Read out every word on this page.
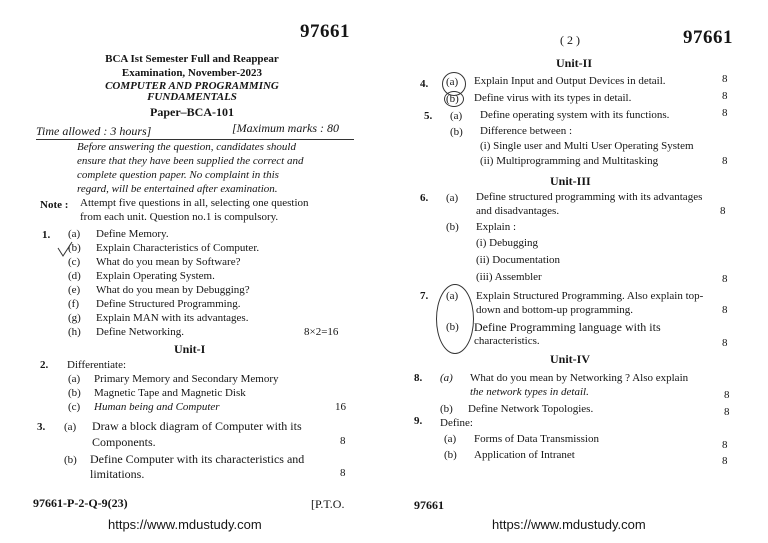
97661
BCA Ist Semester Full and Reappear
Examination, November-2023
COMPUTER AND PROGRAMMING
FUNDAMENTALS
Paper–BCA-101
Time allowed : 3 hours]	[Maximum marks : 80
Before answering the question, candidates should
ensure that they have been supplied the correct and
complete question paper. No complaint in this
regard, will be entertained after examination.
Note : Attempt five questions in all, selecting one question
from each unit. Question no.1 is compulsory.
1. (a) Define Memory.
(b) Explain Characteristics of Computer.
(c) What do you mean by Software?
(d) Explain Operating System.
(e) What do you mean by Debugging?
(f) Define Structured Programming.
(g) Explain MAN with its advantages.
(h) Define Networking.	8×2=16
Unit-I
2. Differentiate:
(a) Primary Memory and Secondary Memory
(b) Magnetic Tape and Magnetic Disk
(c) Human being and Computer	16
3. (a) Draw a block diagram of Computer with its
Components.	8
(b) Define Computer with its characteristics and
limitations.	8
97661-P-2-Q-9(23)	[P.T.O.
https://www.mdustudy.com
( 2 )	97661
Unit-II
4. (a) Explain Input and Output Devices in detail.	8
(b) Define virus with its types in detail.	8
5. (a) Define operating system with its functions.	8
(b) Difference between :
(i) Single user and Multi User Operating System
(ii) Multiprogramming and Multitasking	8
Unit-III
6. (a) Define structured programming with its advantages
and disadvantages.	8
(b) Explain :
(i) Debugging
(ii) Documentation
(iii) Assembler	8
7. (a) Explain Structured Programming. Also explain top-
down and bottom-up programming.	8
(b) Define Programming language with its
characteristics.	8
Unit-IV
8. (a) What do you mean by Networking ? Also explain
the network types in detail.	8
(b) Define Network Topologies.	8
9. Define:
(a) Forms of Data Transmission	8
(b) Application of Intranet	8
97661
https://www.mdustudy.com
